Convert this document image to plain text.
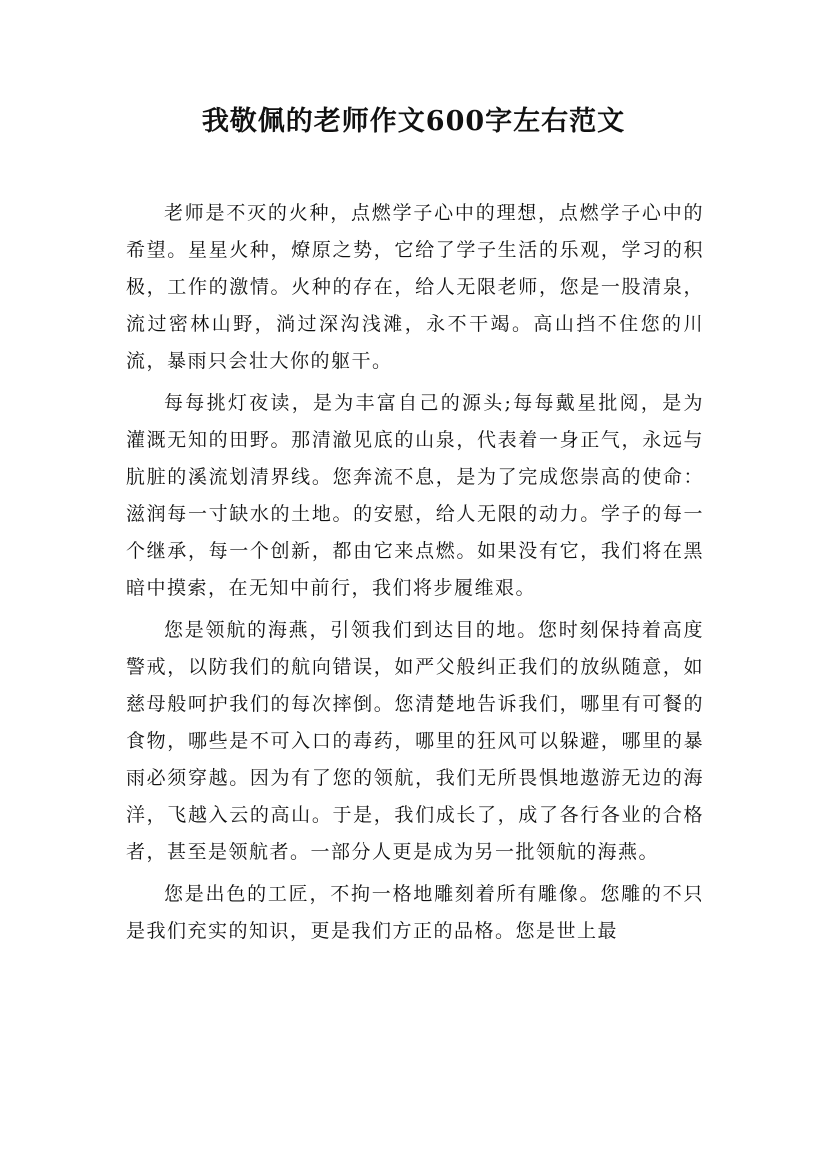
我敬佩的老师作文600字左右范文

老师是不灭的火种，点燃学子心中的理想，点燃学子心中的希望。星星火种，燎原之势，它给了学子生活的乐观，学习的积极，工作的激情。火种的存在，给人无限老师，您是一股清泉，流过密林山野，淌过深沟浅滩，永不干竭。高山挡不住您的川流，暴雨只会壮大你的躯干。

每每挑灯夜读，是为丰富自己的源头;每每戴星批阅，是为灌溉无知的田野。那清澈见底的山泉，代表着一身正气，永远与肮脏的溪流划清界线。您奔流不息，是为了完成您崇高的使命：滋润每一寸缺水的土地。的安慰，给人无限的动力。学子的每一个继承，每一个创新，都由它来点燃。如果没有它，我们将在黑暗中摸索，在无知中前行，我们将步履维艰。

您是领航的海燕，引领我们到达目的地。您时刻保持着高度警戒，以防我们的航向错误，如严父般纠正我们的放纵随意，如慈母般呵护我们的每次摔倒。您清楚地告诉我们，哪里有可餐的食物，哪些是不可入口的毒药，哪里的狂风可以躲避，哪里的暴雨必须穿越。因为有了您的领航，我们无所畏惧地遨游无边的海洋，飞越入云的高山。于是，我们成长了，成了各行各业的合格者，甚至是领航者。一部分人更是成为另一批领航的海燕。

您是出色的工匠，不拘一格地雕刻着所有雕像。您雕的不只是我们充实的知识，更是我们方正的品格。您是世上最
